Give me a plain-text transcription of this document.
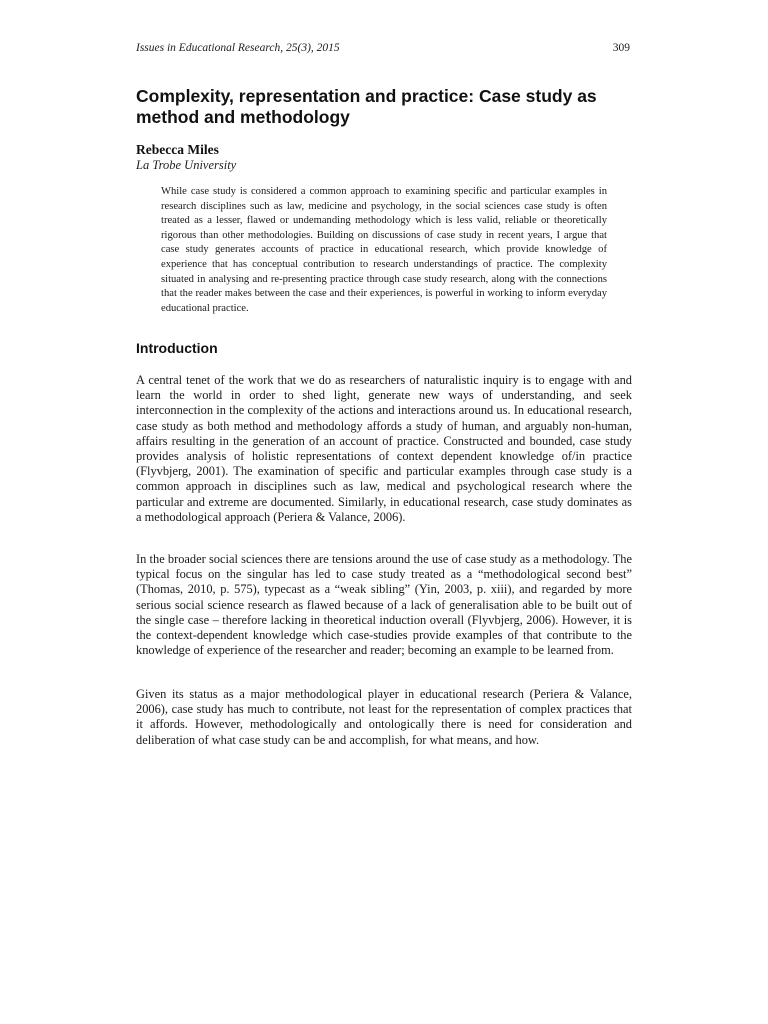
Issues in Educational Research, 25(3), 2015	309
Complexity, representation and practice: Case study as method and methodology
Rebecca Miles
La Trobe University

While case study is considered a common approach to examining specific and particular examples in research disciplines such as law, medicine and psychology, in the social sciences case study is often treated as a lesser, flawed or undemanding methodology which is less valid, reliable or theoretically rigorous than other methodologies. Building on discussions of case study in recent years, I argue that case study generates accounts of practice in educational research, which provide knowledge of experience that has conceptual contribution to research understandings of practice. The complexity situated in analysing and re-presenting practice through case study research, along with the connections that the reader makes between the case and their experiences, is powerful in working to inform everyday educational practice.

Introduction

A central tenet of the work that we do as researchers of naturalistic inquiry is to engage with and learn the world in order to shed light, generate new ways of understanding, and seek interconnection in the complexity of the actions and interactions around us. In educational research, case study as both method and methodology affords a study of human, and arguably non-human, affairs resulting in the generation of an account of practice. Constructed and bounded, case study provides analysis of holistic representations of context dependent knowledge of/in practice (Flyvbjerg, 2001). The examination of specific and particular examples through case study is a common approach in disciplines such as law, medical and psychological research where the particular and extreme are documented. Similarly, in educational research, case study dominates as a methodological approach (Periera & Valance, 2006).

In the broader social sciences there are tensions around the use of case study as a methodology. The typical focus on the singular has led to case study treated as a “methodological second best” (Thomas, 2010, p. 575), typecast as a “weak sibling” (Yin, 2003, p. xiii), and regarded by more serious social science research as flawed because of a lack of generalisation able to be built out of the single case – therefore lacking in theoretical induction overall (Flyvbjerg, 2006). However, it is the context-dependent knowledge which case-studies provide examples of that contribute to the knowledge of experience of the researcher and reader; becoming an example to be learned from.

Given its status as a major methodological player in educational research (Periera & Valance, 2006), case study has much to contribute, not least for the representation of complex practices that it affords. However, methodologically and ontologically there is need for consideration and deliberation of what case study can be and accomplish, for what means, and how.
